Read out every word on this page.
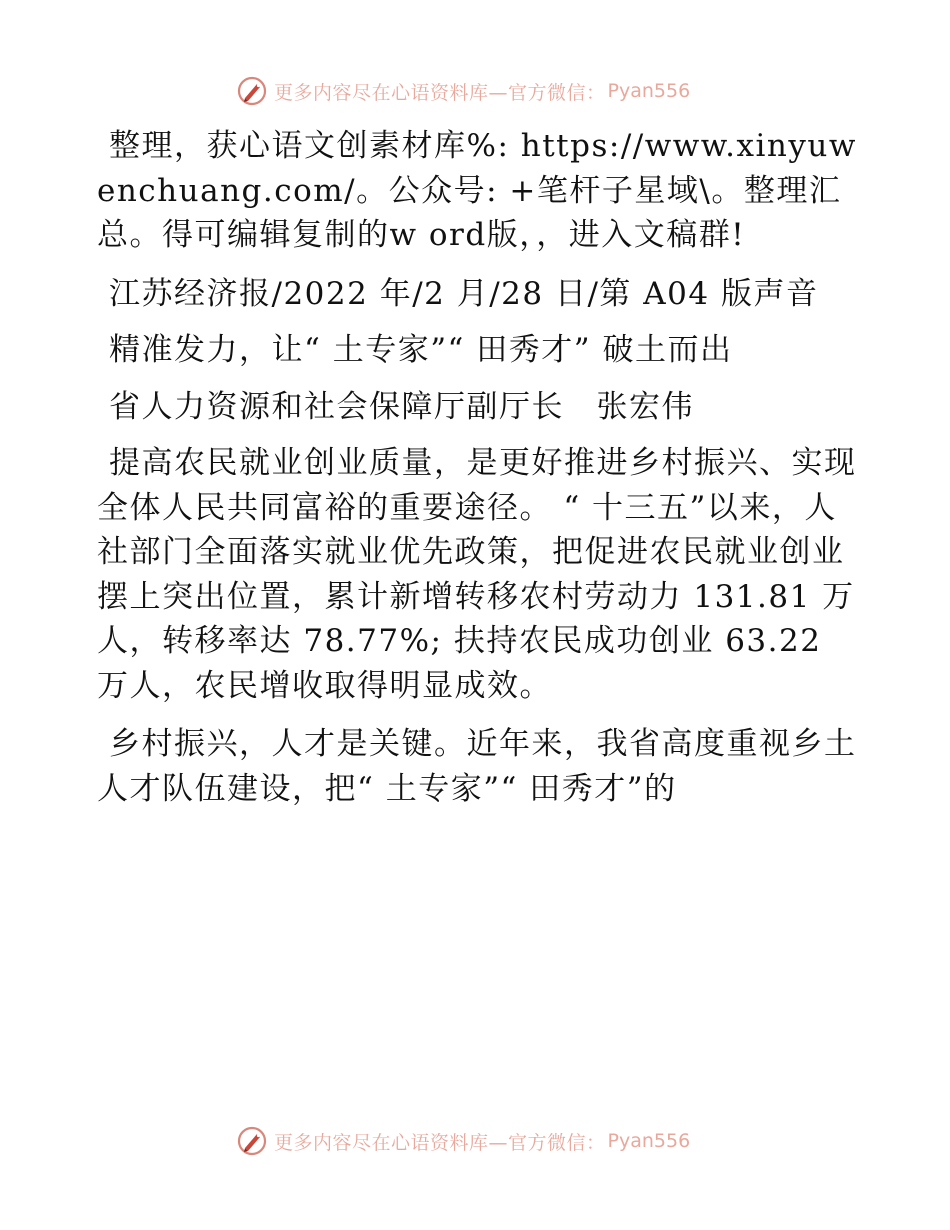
更多内容尽在心语资料库—官方微信： Pyan556

整理，获心语文创素材库%: https://www.xinyuwenchuang.com/。公众号: +笔杆子星域\。整理汇总。得可编辑复制的w ord版，，进入文稿群!

江苏经济报/2022 年/2 月/28 日/第 A04 版声音

精准发力，让“ 土专家”“ 田秀才” 破土而出

省人力资源和社会保障厅副厅长　张宏伟

提高农民就业创业质量，是更好推进乡村振兴、实现全体人民共同富裕的重要途径。 “ 十三五”以来，人社部门全面落实就业优先政策，把促进农民就业创业摆上突出位置，累计新增转移农村劳动力 131.81 万人，转移率达 78.77%; 扶持农民成功创业 63.22 万人，农民增收取得明显成效。

乡村振兴，人才是关键。近年来，我省高度重视乡土人才队伍建设，把“ 土专家”“ 田秀才”的

更多内容尽在心语资料库—官方微信： Pyan556
